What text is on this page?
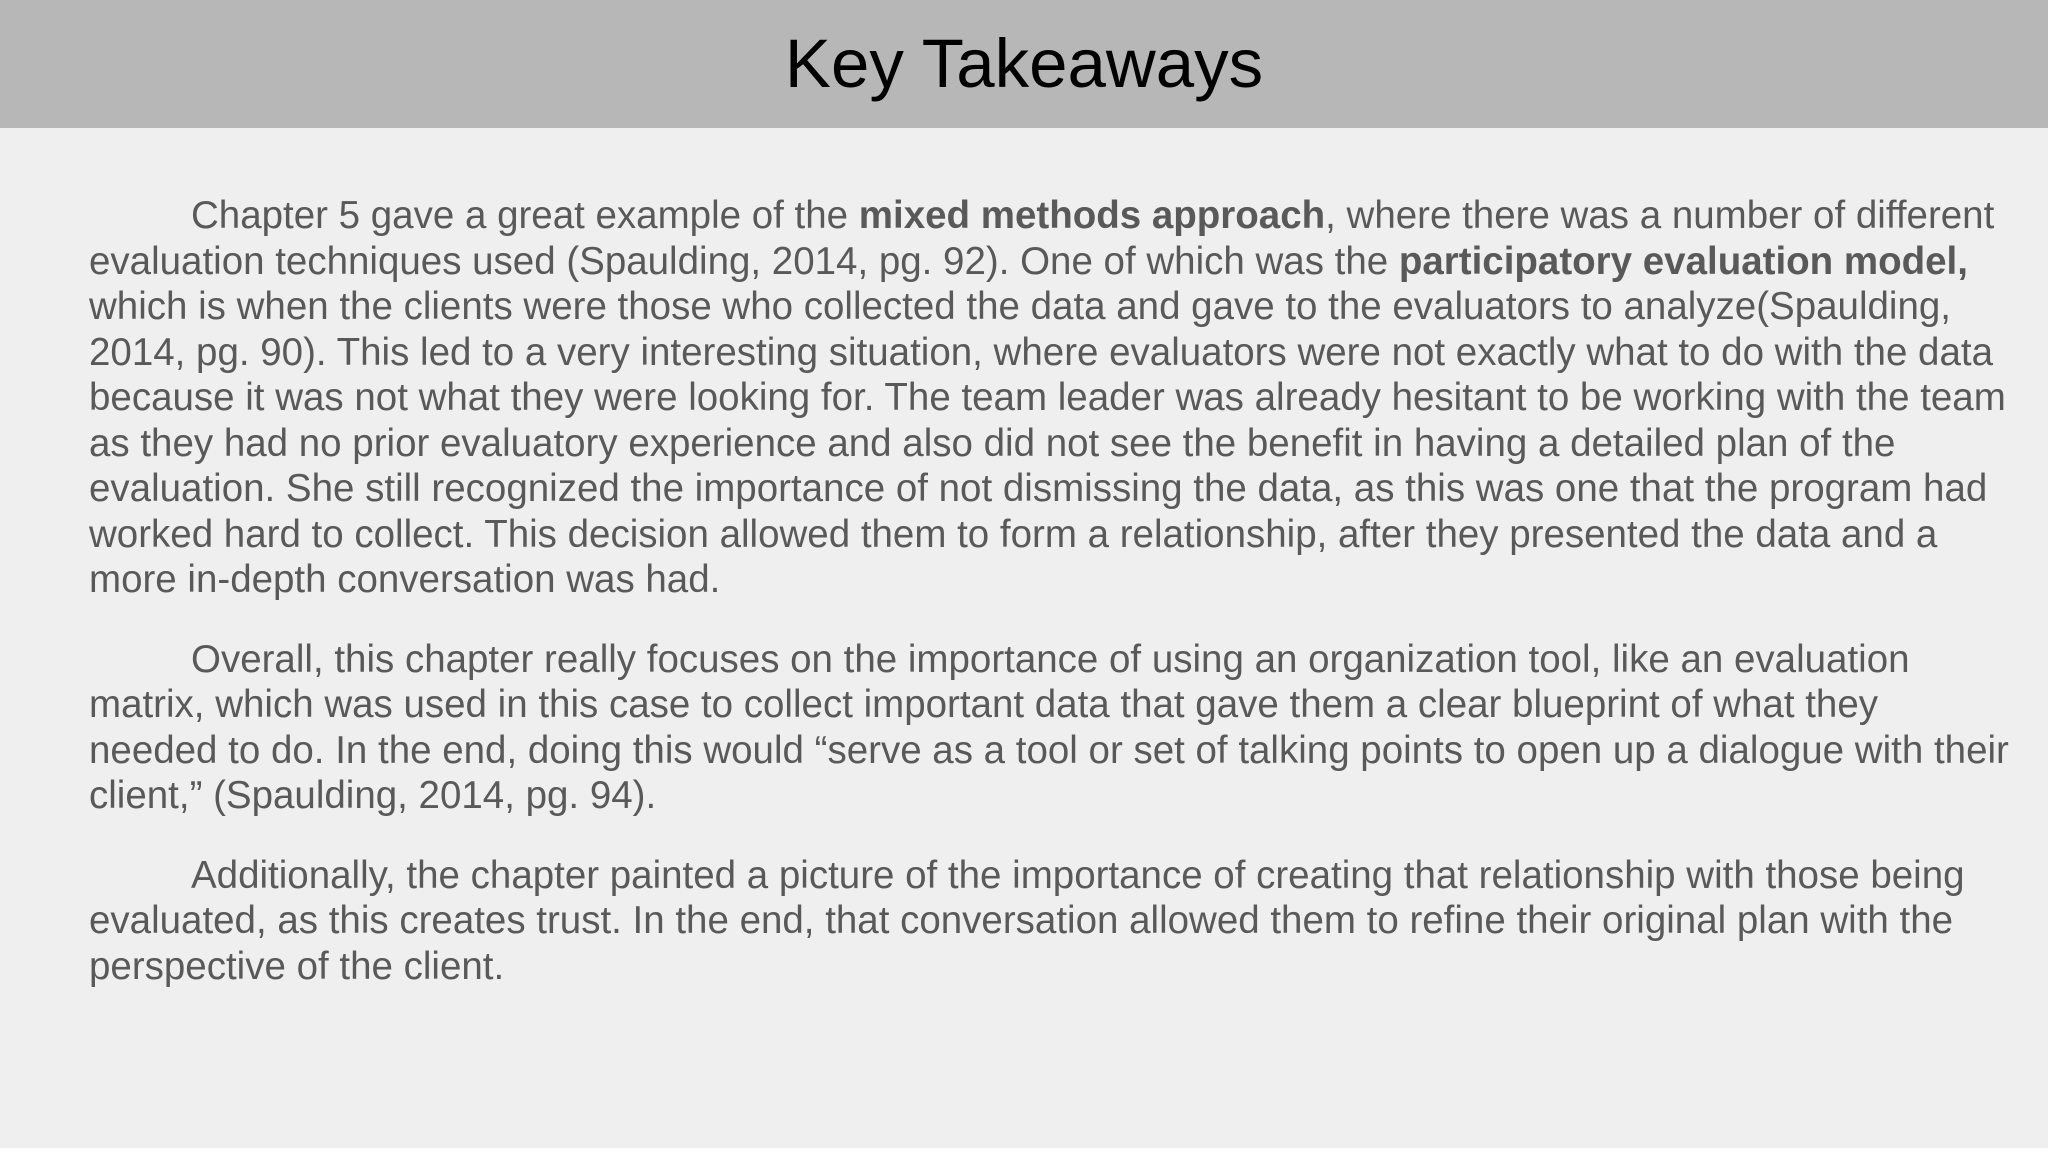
Key Takeaways

Chapter 5 gave a great example of the mixed methods approach, where there was a number of different evaluation techniques used (Spaulding, 2014, pg. 92). One of which was the participatory evaluation model, which is when the clients were those who collected the data and gave to the evaluators to analyze(Spaulding, 2014, pg. 90). This led to a very interesting situation, where evaluators were not exactly what to do with the data because it was not what they were looking for. The team leader was already hesitant to be working with the team as they had no prior evaluatory experience and also did not see the benefit in having a detailed plan of the evaluation. She still recognized the importance of not dismissing the data, as this was one that the program had worked hard to collect. This decision allowed them to form a relationship, after they presented the data and a more in-depth conversation was had.

Overall, this chapter really focuses on the importance of using an organization tool, like an evaluation matrix, which was used in this case to collect important data that gave them a clear blueprint of what they needed to do. In the end, doing this would “serve as a tool or set of talking points to open up a dialogue with their client,” (Spaulding, 2014, pg. 94).

Additionally, the chapter painted a picture of the importance of creating that relationship with those being evaluated, as this creates trust. In the end, that conversation allowed them to refine their original plan with the perspective of the client.
